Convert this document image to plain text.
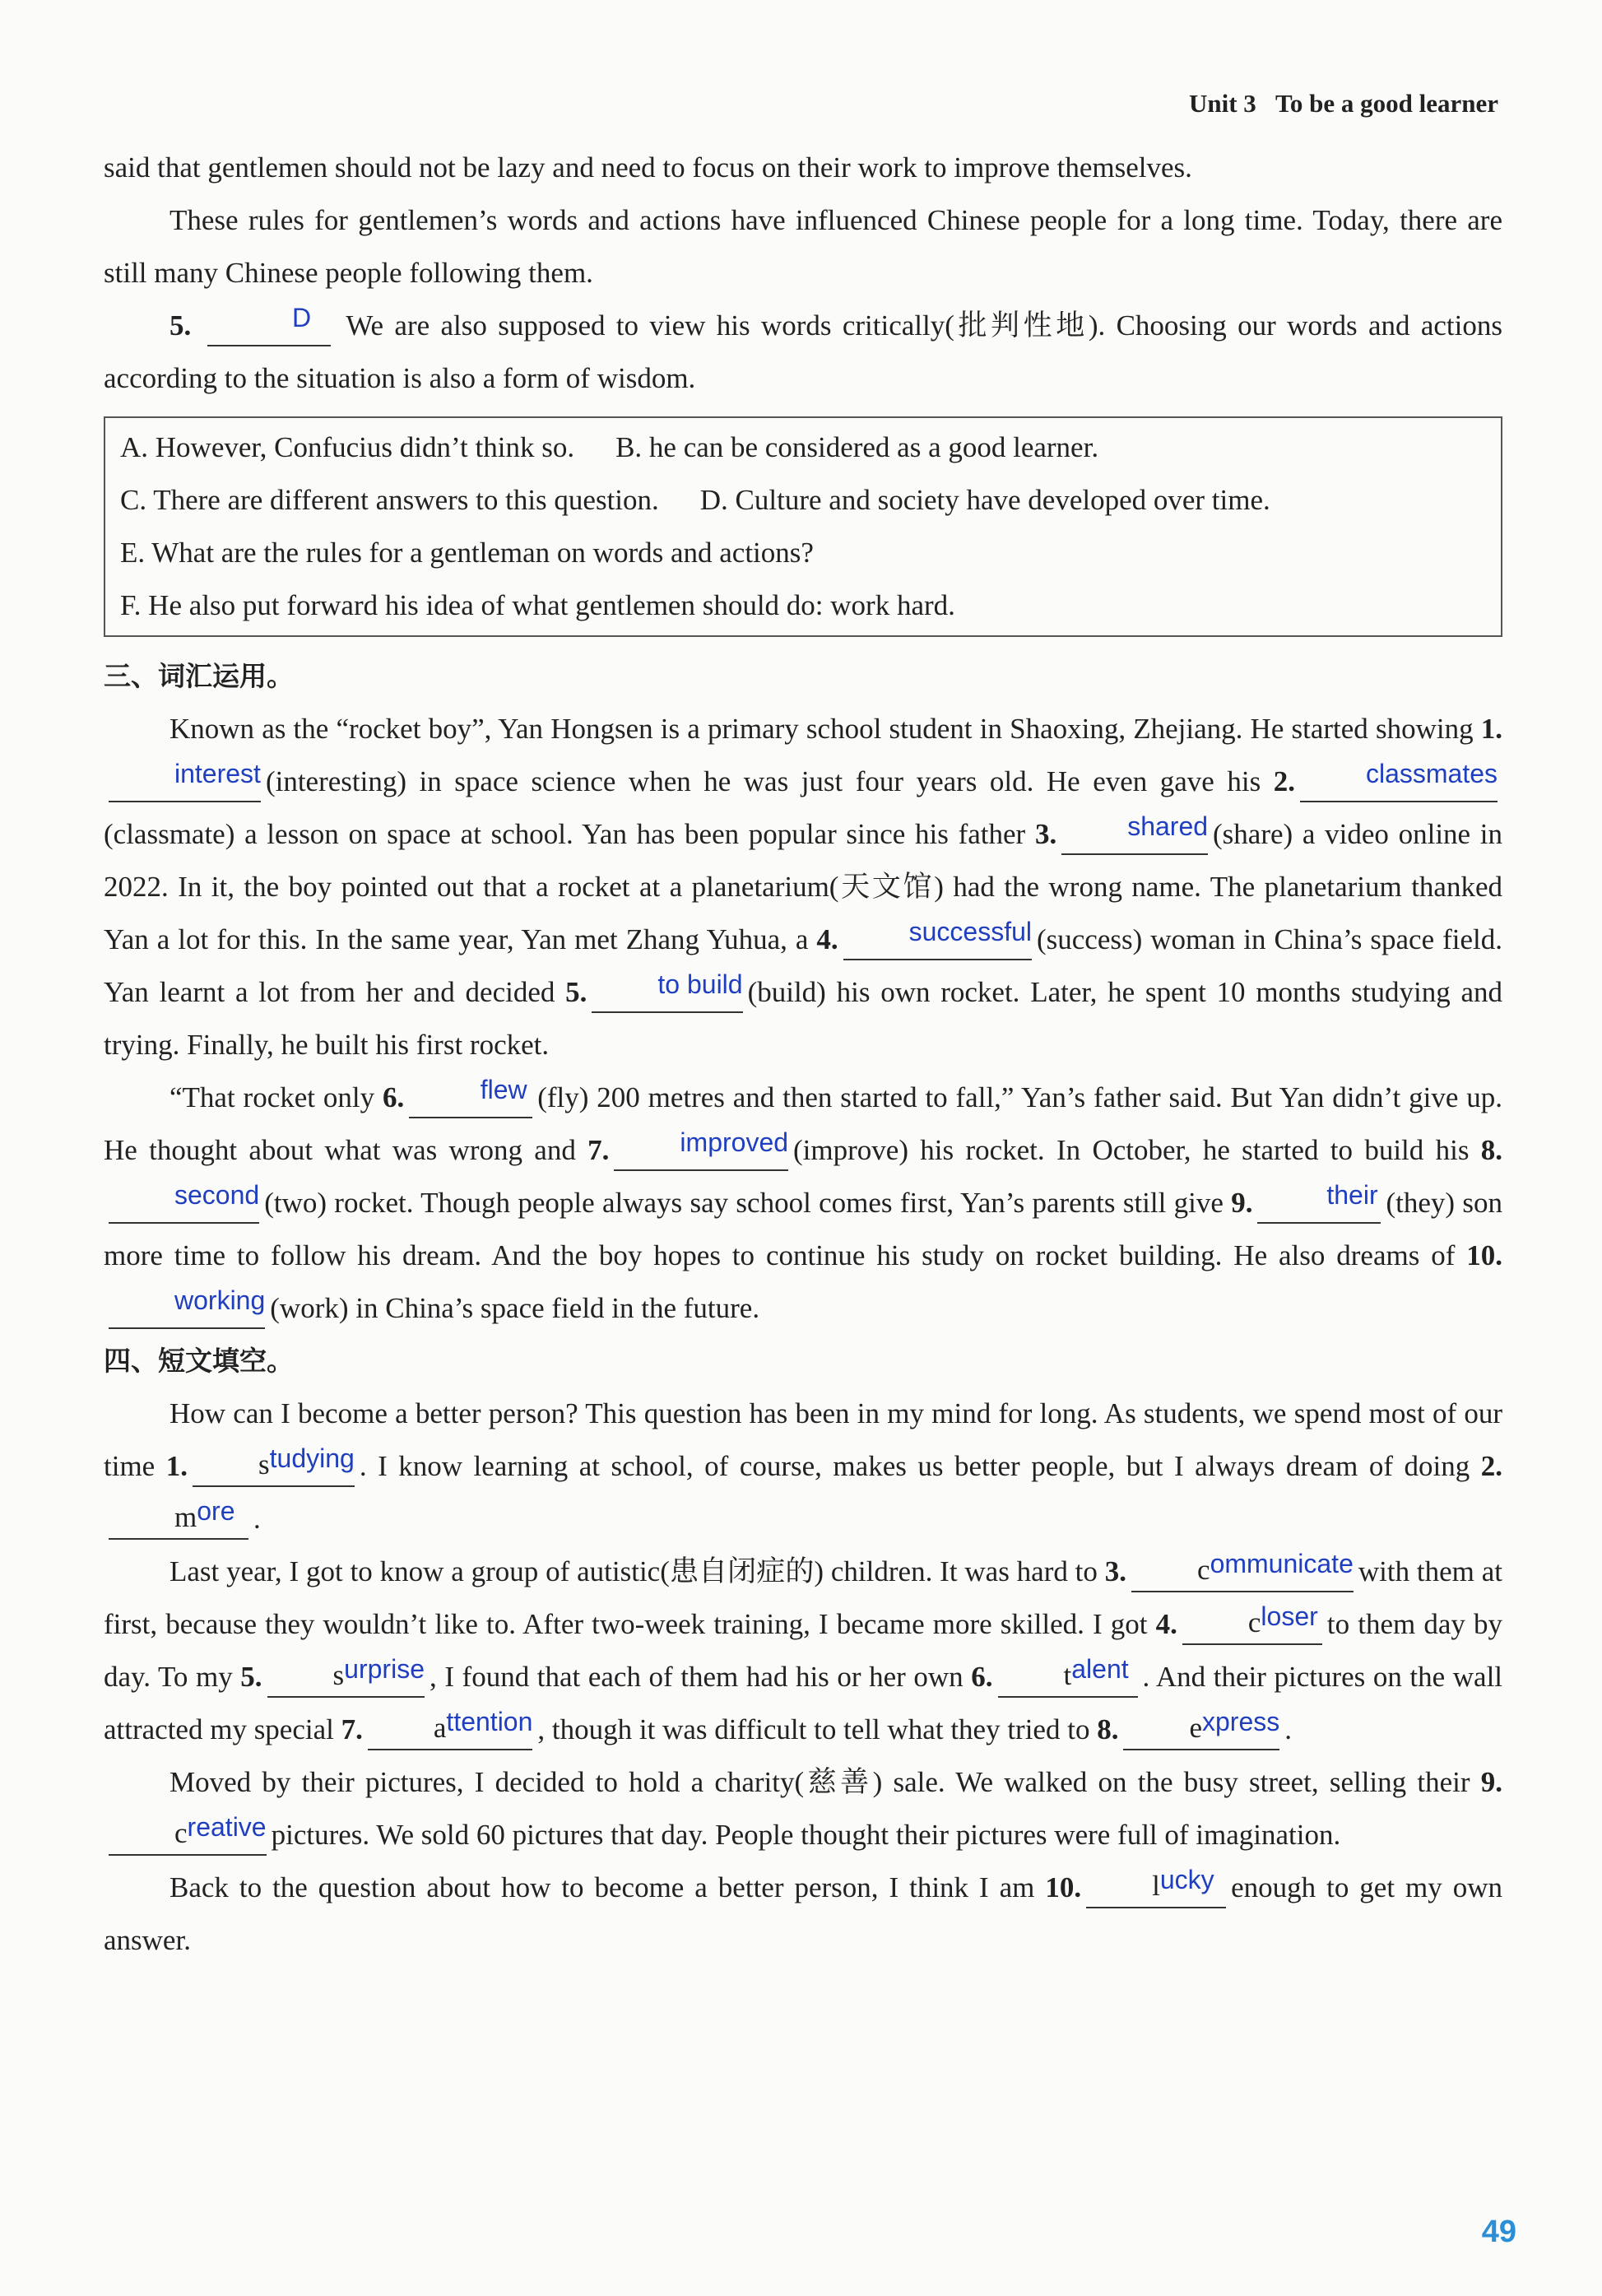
Unit 3 To be a good learner

said that gentlemen should not be lazy and need to focus on their work to improve themselves.

These rules for gentlemen’s words and actions have influenced Chinese people for a long time. Today, there are still many Chinese people following them.

5.	D We are also supposed to view his words critically(批判性地). Choosing our words and actions according to the situation is also a form of wisdom.

A. However, Confucius didn’t think so. B. he can be considered as a good learner.
C. There are different answers to this question. D. Culture and society have developed over time.
E. What are the rules for a gentleman on words and actions?
F. He also put forward his idea of what gentlemen should do: work hard.
三、词汇运用。

Known as the “rocket boy”, Yan Hongsen is a primary school student in Shaoxing, Zhejiang. He started showing 1.interest (interesting) in space science when he was just four years old. He even gave his 2.	classmates(classmate) a lesson on space at school. Yan has been popular since his father 3.	shared (share) a video online in 2022. In it, the boy pointed out that a rocket at a planetarium(天文馆) had the wrong name. The planetarium thanked Yan a lot for this. In the same year, Yan met Zhang Yuhua, a 4.	successful (success) woman in China’s space field. Yan learnt a lot from her and decided 5.	to build (build) his own rocket. Later, he spent 10 months studying and trying. Finally, he built his first rocket.

“That rocket only 6.	flew (fly) 200 metres and then started to fall,” Yan’s father said. But Yan didn’t give up. He thought about what was wrong and 7.	improved (improve) his rocket. In October, he started to build his 8.second (two) rocket. Though people always say school comes first, Yan’s parents still give 9.	their (they) son more time to follow his dream. And the boy hopes to continue his study on rocket building. He also dreams of 10.working (work) in China’s space field in the future.

四、短文填空。

How can I become a better person? This question has been in my mind for long. As students, we spend most of our time 1. studying . I know learning at school, of course, makes us better people, but I always dream of doing 2.more .

Last year, I got to know a group of autistic(患自闭症的) children. It was hard to 3. communicate with them at first, because they wouldn’t like to. After two-week training, I became more skilled. I got 4. closer to them day by day. To my 5. surprise , I found that each of them had his or her own 6. talent . And their pictures on the wall attracted my special 7. attention , though it was difficult to tell what they tried to 8. express .

Moved by their pictures, I decided to hold a charity(慈善) sale. We walked on the busy street, selling their 9.creative pictures. We sold 60 pictures that day. People thought their pictures were full of imagination.

Back to the question about how to become a better person, I think I am 10. lucky enough to get my own answer.

49
